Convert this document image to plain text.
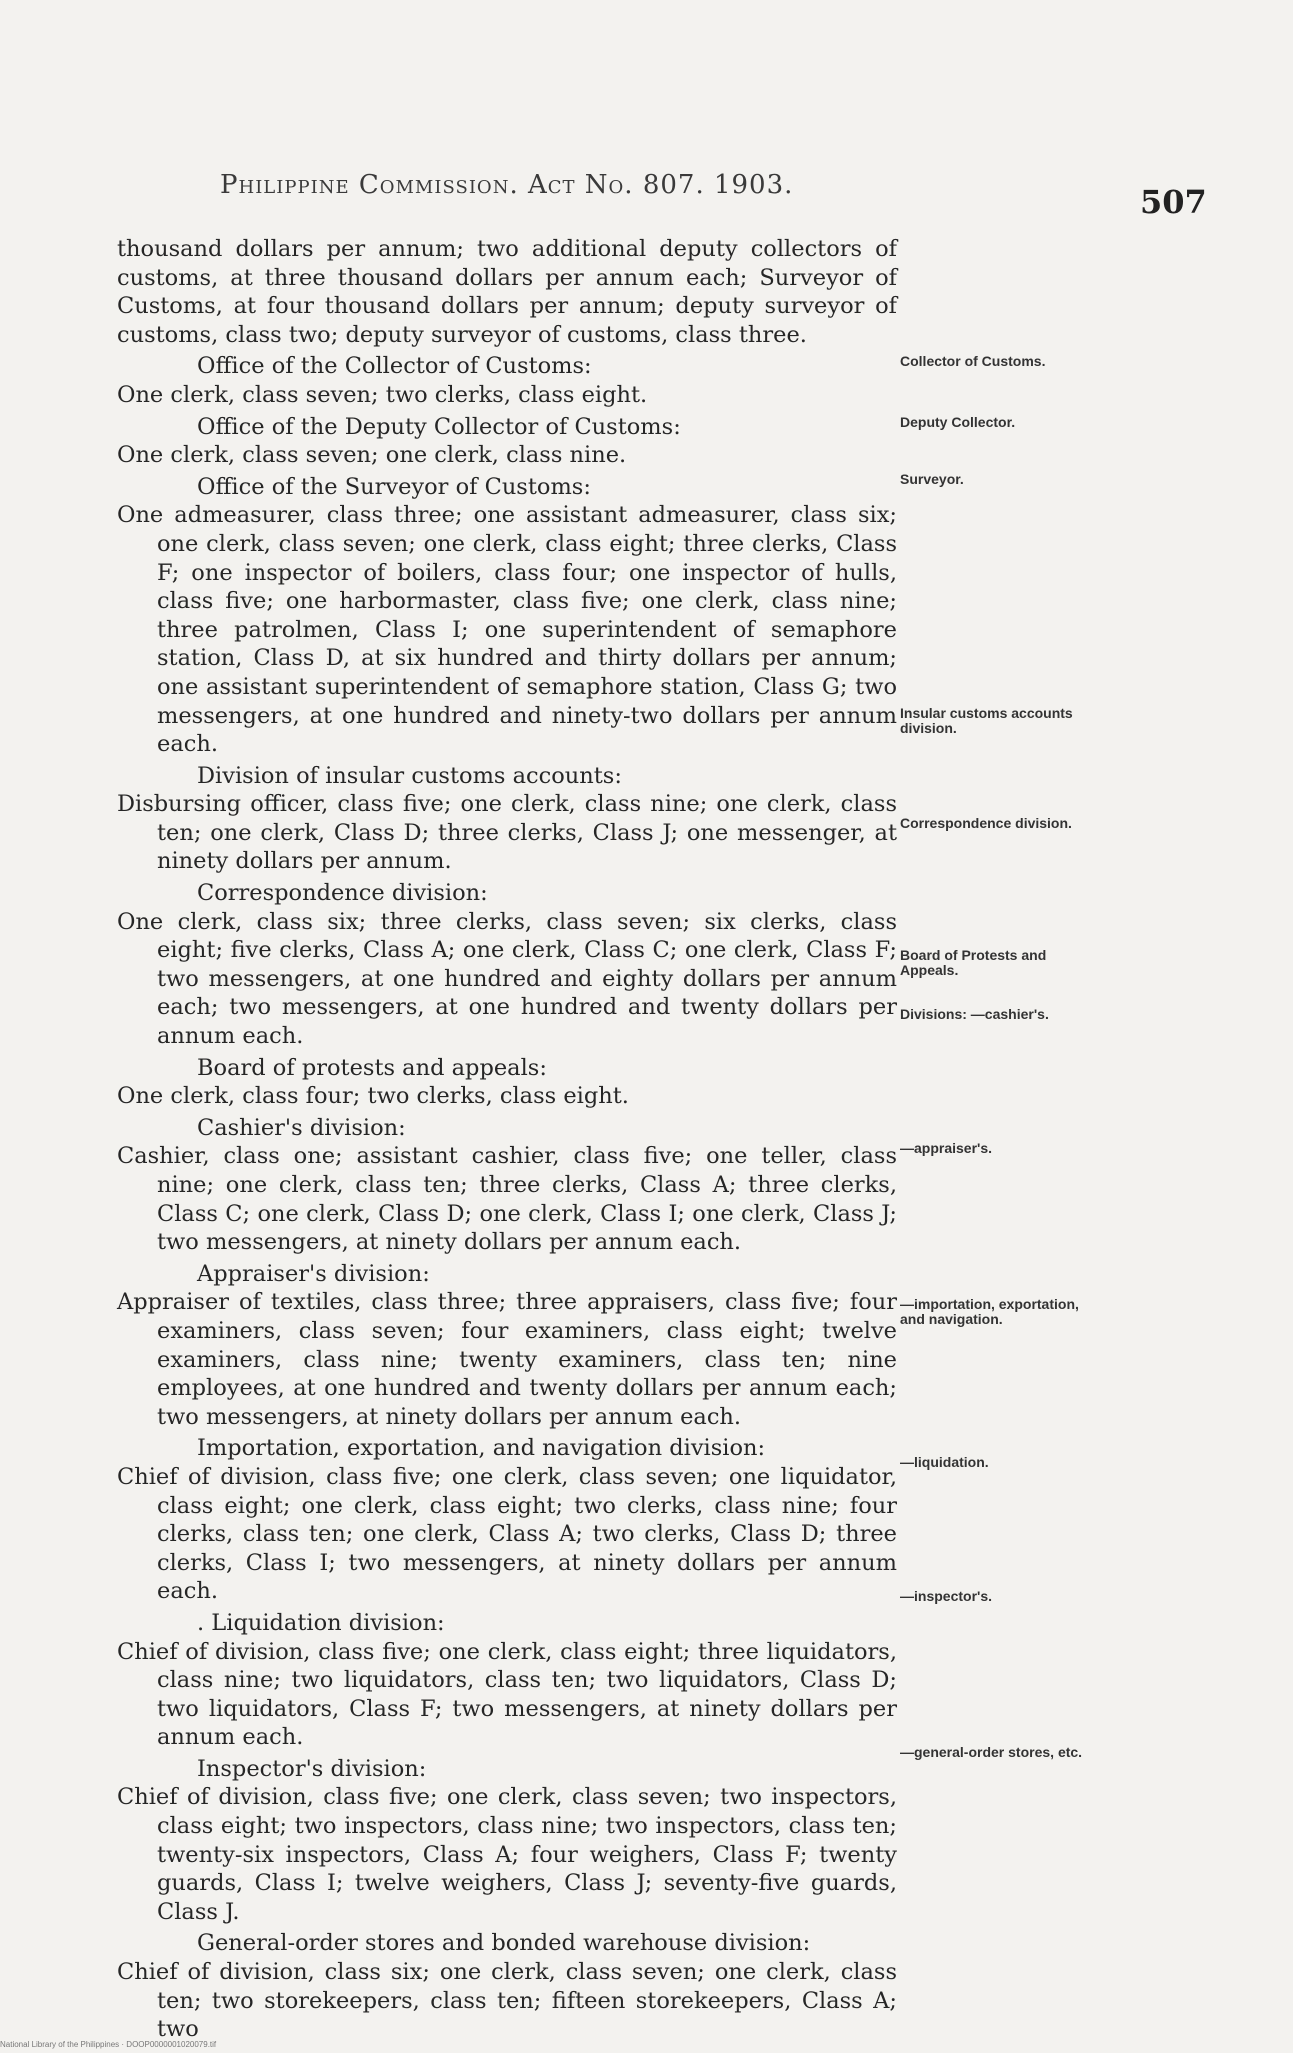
Philippine Commission. Act No. 807. 1903.	507

thousand dollars per annum; two additional deputy collectors of customs, at three thousand dollars per annum each; Surveyor of Customs, at four thousand dollars per annum; deputy surveyor of customs, class two; deputy surveyor of customs, class three.

Office of the Collector of Customs:

One clerk, class seven; two clerks, class eight.

Office of the Deputy Collector of Customs:

One clerk, class seven; one clerk, class nine.

Office of the Surveyor of Customs:

One admeasurer, class three; one assistant admeasurer, class six; one clerk, class seven; one clerk, class eight; three clerks, Class F; one inspector of boilers, class four; one inspector of hulls, class five; one harbormaster, class five; one clerk, class nine; three patrolmen, Class I; one superintendent of semaphore station, Class D, at six hundred and thirty dollars per annum; one assistant superintendent of semaphore station, Class G; two messengers, at one hundred and ninety-two dollars per annum each.

Division of insular customs accounts:

Disbursing officer, class five; one clerk, class nine; one clerk, class ten; one clerk, Class D; three clerks, Class J; one messenger, at ninety dollars per annum.

Correspondence division:

One clerk, class six; three clerks, class seven; six clerks, class eight; five clerks, Class A; one clerk, Class C; one clerk, Class F; two messengers, at one hundred and eighty dollars per annum each; two messengers, at one hundred and twenty dollars per annum each.

Board of protests and appeals:

One clerk, class four; two clerks, class eight.

Cashier's division:

Cashier, class one; assistant cashier, class five; one teller, class nine; one clerk, class ten; three clerks, Class A; three clerks, Class C; one clerk, Class D; one clerk, Class I; one clerk, Class J; two messengers, at ninety dollars per annum each.

Appraiser's division:

Appraiser of textiles, class three; three appraisers, class five; four examiners, class seven; four examiners, class eight; twelve examiners, class nine; twenty examiners, class ten; nine employees, at one hundred and twenty dollars per annum each; two messengers, at ninety dollars per annum each.

Importation, exportation, and navigation division:

Chief of division, class five; one clerk, class seven; one liquidator, class eight; one clerk, class eight; two clerks, class nine; four clerks, class ten; one clerk, Class A; two clerks, Class D; three clerks, Class I; two messengers, at ninety dollars per annum each.

. Liquidation division:

Chief of division, class five; one clerk, class eight; three liquidators, class nine; two liquidators, class ten; two liquidators, Class D; two liquidators, Class F; two messengers, at ninety dollars per annum each.

Inspector's division:

Chief of division, class five; one clerk, class seven; two inspectors, class eight; two inspectors, class nine; two inspectors, class ten; twenty-six inspectors, Class A; four weighers, Class F; twenty guards, Class I; twelve weighers, Class J; seventy-five guards, Class J.

General-order stores and bonded warehouse division:

Chief of division, class six; one clerk, class seven; one clerk, class ten; two storekeepers, class ten; fifteen storekeepers, Class A; two

Collector of Customs.
Deputy Collector.
Surveyor.
Insular customs accounts division.
Correspondence division.
Board of Protests and Appeals.
Divisions: —cashier's.
—appraiser's.
—importation, exportation, and navigation.
—liquidation.
—inspector's.
—general-order stores, etc.
National Library of the Philippines · DOOP0000001020079.tif
